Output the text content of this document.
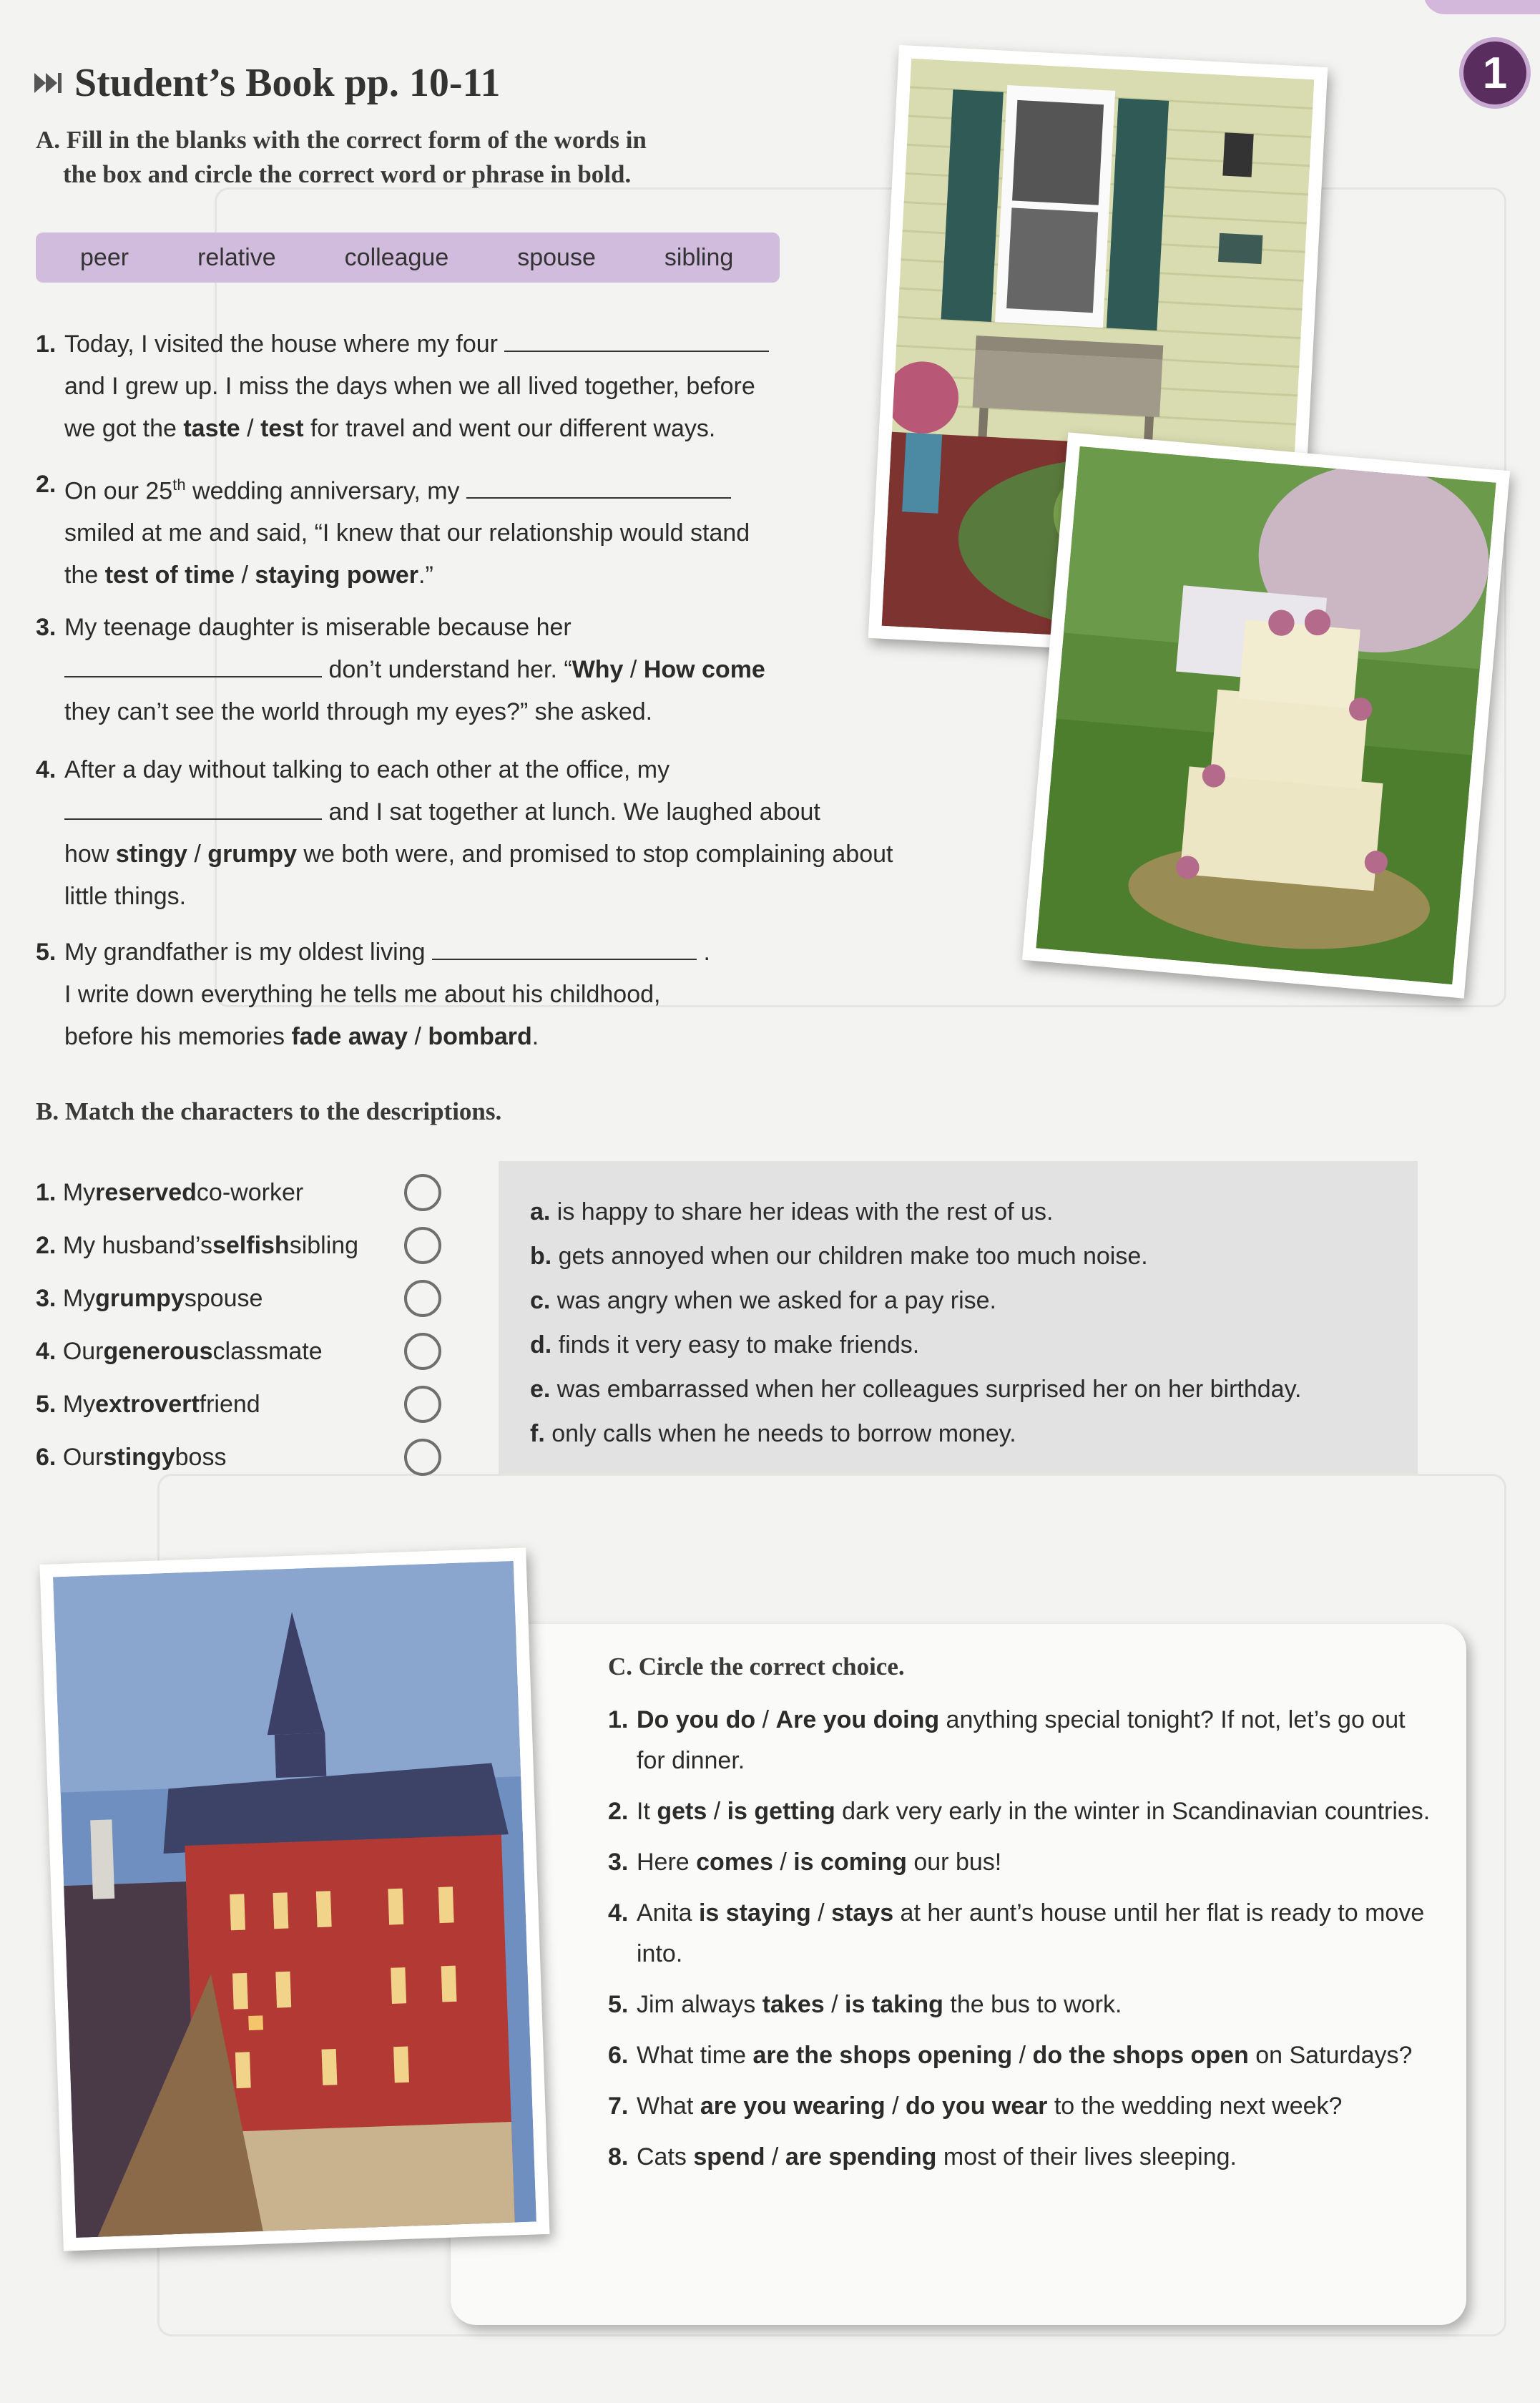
1
Student’s Book pp. 10-11
A. Fill in the blanks with the correct form of the words in
the box and circle the correct word or phrase in bold.
peer	relative	colleague	spouse	sibling
1. Today, I visited the house where my four
and I grew up. I miss the days when we all lived together, before
we got the taste / test for travel and went our different ways.
2. On our 25th wedding anniversary, my
smiled at me and said, “I knew that our relationship would stand
the test of time / staying power.”
3. My teenage daughter is miserable because her
don’t understand her. “Why / How come
they can’t see the world through my eyes?” she asked.
4. After a day without talking to each other at the office, my
and I sat together at lunch. We laughed about
how stingy / grumpy we both were, and promised to stop complaining about
little things.
5. My grandfather is my oldest living	.
I write down everything he tells me about his childhood,
before his memories fade away / bombard.
B. Match the characters to the descriptions.
1.
My reserved co-worker
2.
My husband’s selfish sibling
3.
My grumpy spouse
4.
Our generous classmate
5.
My extrovert friend
6.
Our stingy boss
a. is happy to share her ideas with the rest of us.
b. gets annoyed when our children make too much noise.
c. was angry when we asked for a pay rise.
d. finds it very easy to make friends.
e. was embarrassed when her colleagues surprised her on her birthday.
f. only calls when he needs to borrow money.
C. Circle the correct choice.
1. Do you do / Are you doing anything special tonight? If not, let’s go out for dinner.
2. It gets / is getting dark very early in the winter in Scandinavian countries.
3. Here comes / is coming our bus!
4. Anita is staying / stays at her aunt’s house until her flat is ready to move into.
5. Jim always takes / is taking the bus to work.
6. What time are the shops opening / do the shops open on Saturdays?
7. What are you wearing / do you wear to the wedding next week?
8. Cats spend / are spending most of their lives sleeping.
